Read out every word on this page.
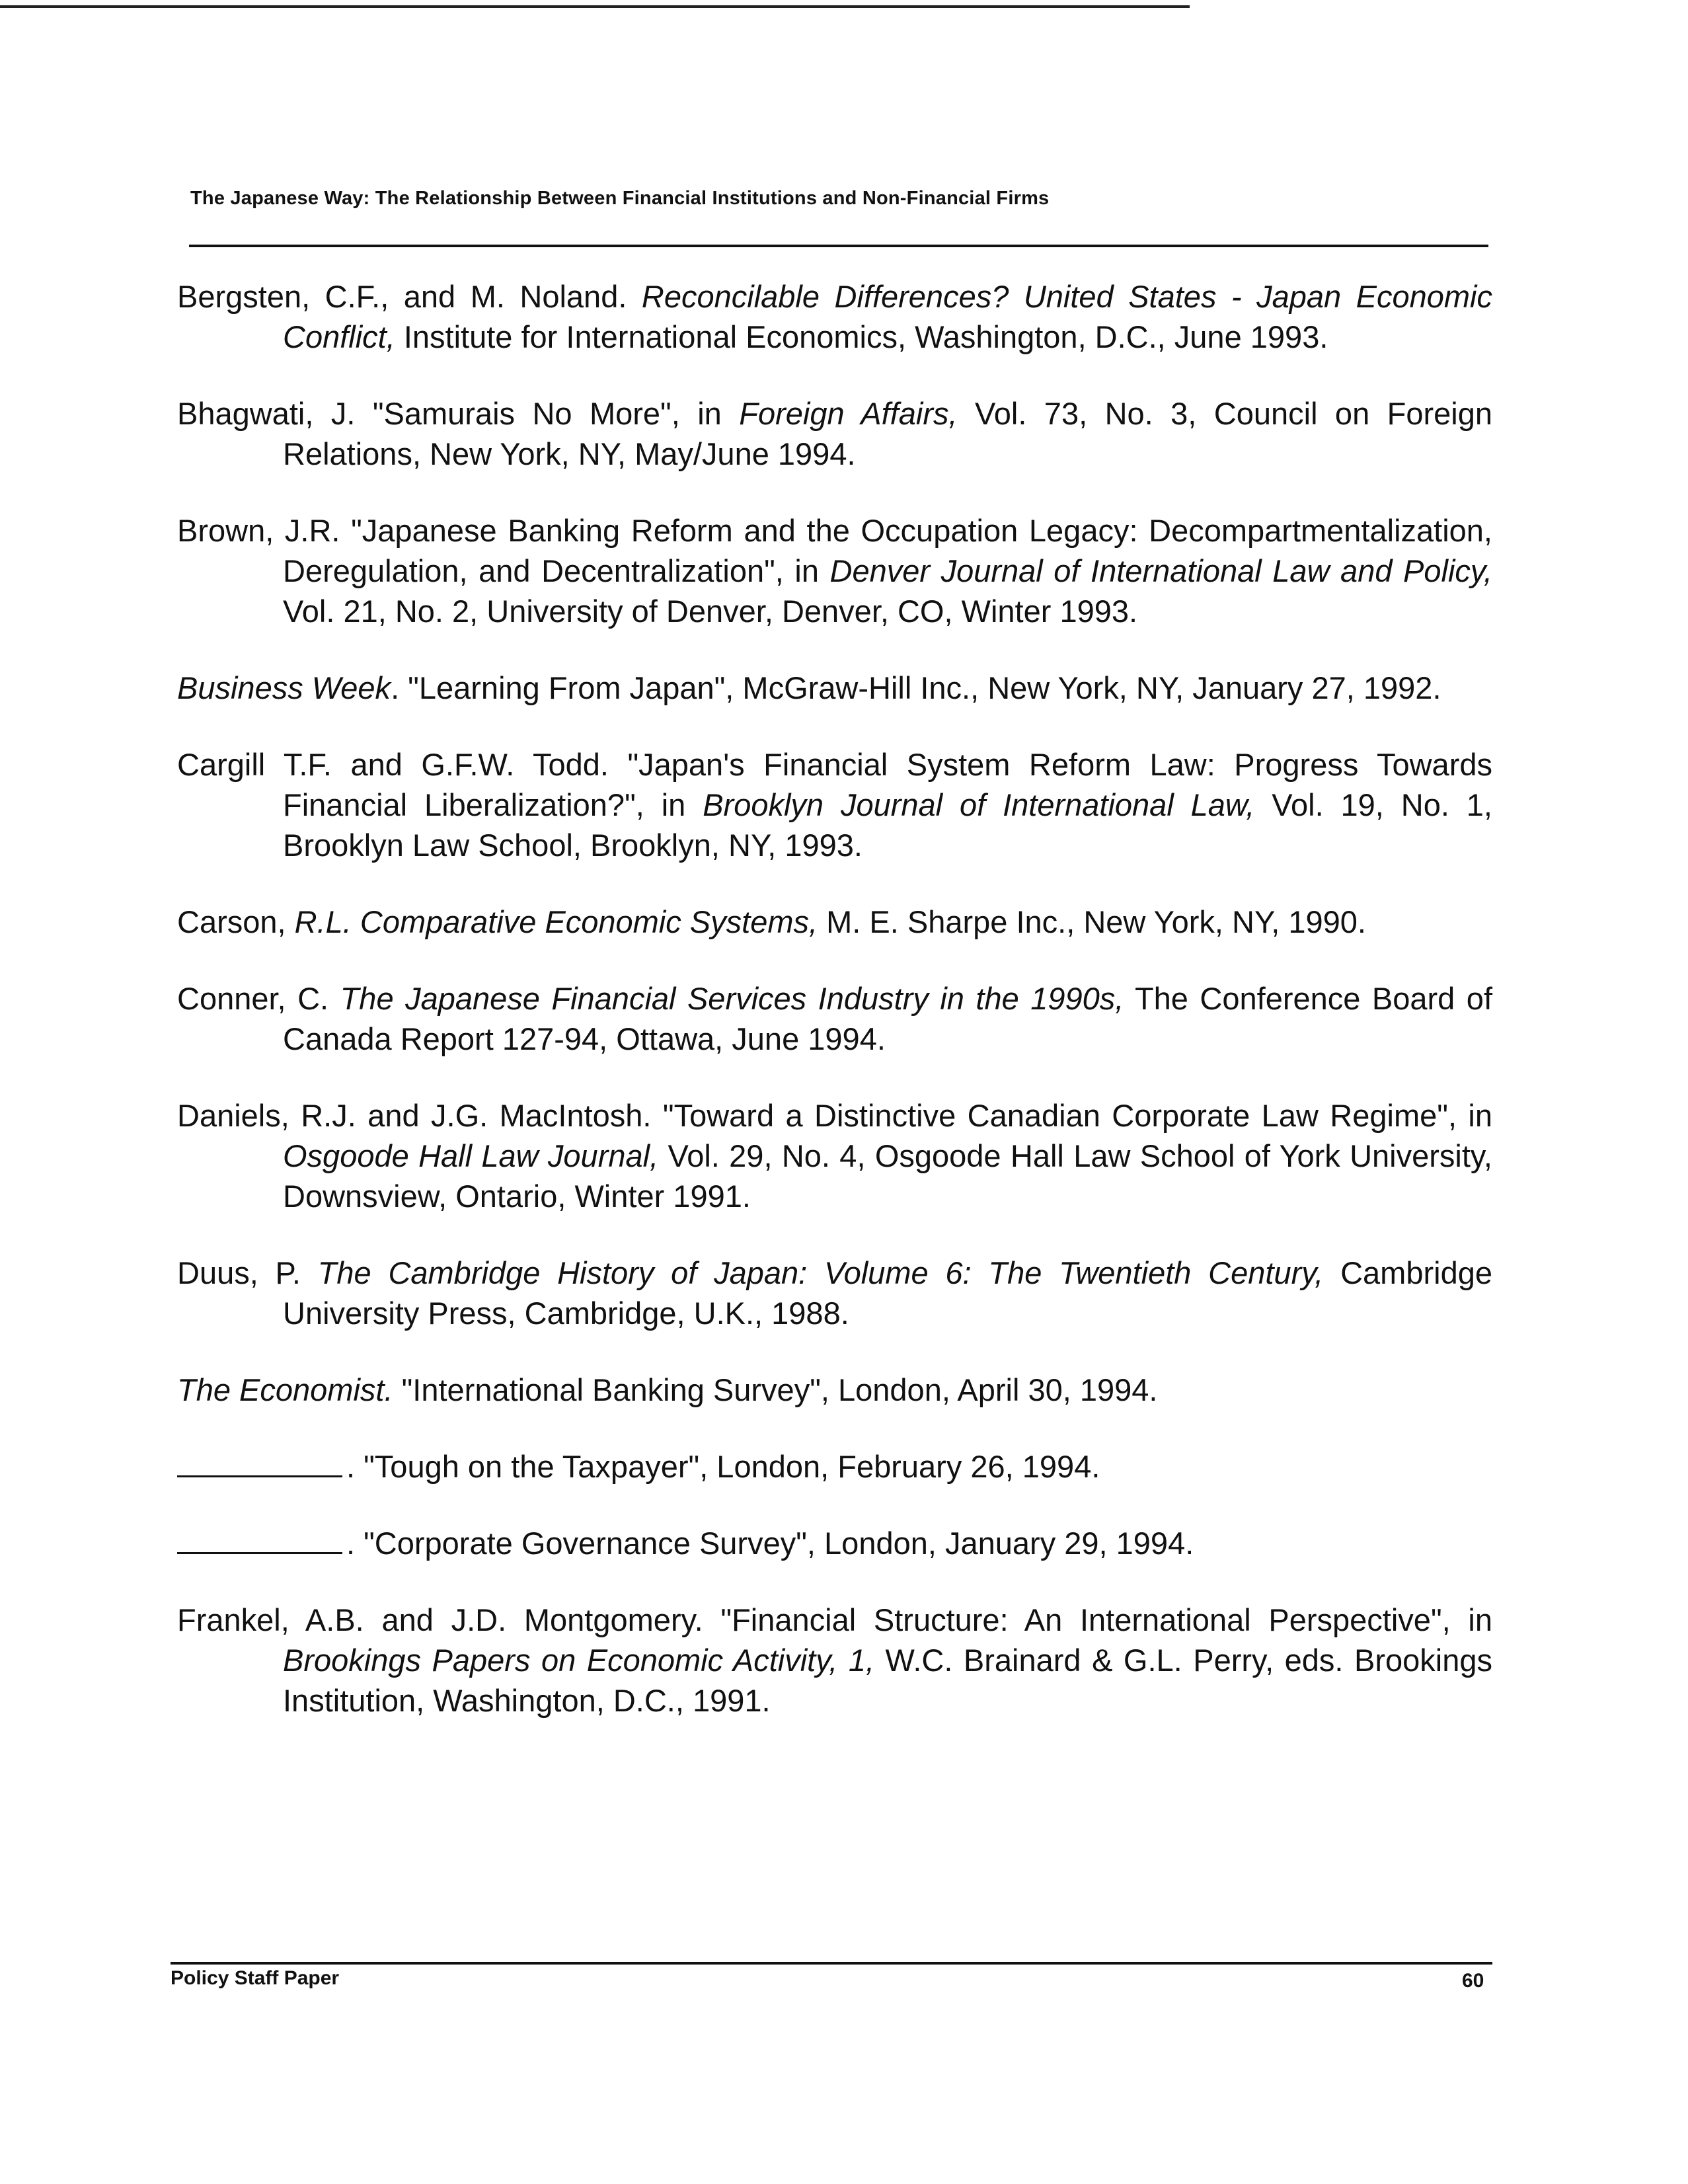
The Japanese Way: The Relationship Between Financial Institutions and Non-Financial Firms

Bergsten, C.F., and M. Noland. Reconcilable Differences? United States - Japan Economic Conflict, Institute for International Economics, Washington, D.C., June 1993.

Bhagwati, J. "Samurais No More", in Foreign Affairs, Vol. 73, No. 3, Council on Foreign Relations, New York, NY, May/June 1994.

Brown, J.R. "Japanese Banking Reform and the Occupation Legacy: Decompartmentalization, Deregulation, and Decentralization", in Denver Journal of International Law and Policy, Vol. 21, No. 2, University of Denver, Denver, CO, Winter 1993.

Business Week. "Learning From Japan", McGraw-Hill Inc., New York, NY, January 27, 1992.

Cargill T.F. and G.F.W. Todd. "Japan's Financial System Reform Law: Progress Towards Financial Liberalization?", in Brooklyn Journal of International Law, Vol. 19, No. 1, Brooklyn Law School, Brooklyn, NY, 1993.

Carson, R.L. Comparative Economic Systems, M. E. Sharpe Inc., New York, NY, 1990.

Conner, C. The Japanese Financial Services Industry in the 1990s, The Conference Board of Canada Report 127-94, Ottawa, June 1994.

Daniels, R.J. and J.G. MacIntosh. "Toward a Distinctive Canadian Corporate Law Regime", in Osgoode Hall Law Journal, Vol. 29, No. 4, Osgoode Hall Law School of York University, Downsview, Ontario, Winter 1991.

Duus, P. The Cambridge History of Japan: Volume 6: The Twentieth Century, Cambridge University Press, Cambridge, U.K., 1988.

The Economist. "International Banking Survey", London, April 30, 1994.

. "Tough on the Taxpayer", London, February 26, 1994.

. "Corporate Governance Survey", London, January 29, 1994.

Frankel, A.B. and J.D. Montgomery. "Financial Structure: An International Perspective", in Brookings Papers on Economic Activity, 1, W.C. Brainard & G.L. Perry, eds. Brookings Institution, Washington, D.C., 1991.

Policy Staff Paper	60
